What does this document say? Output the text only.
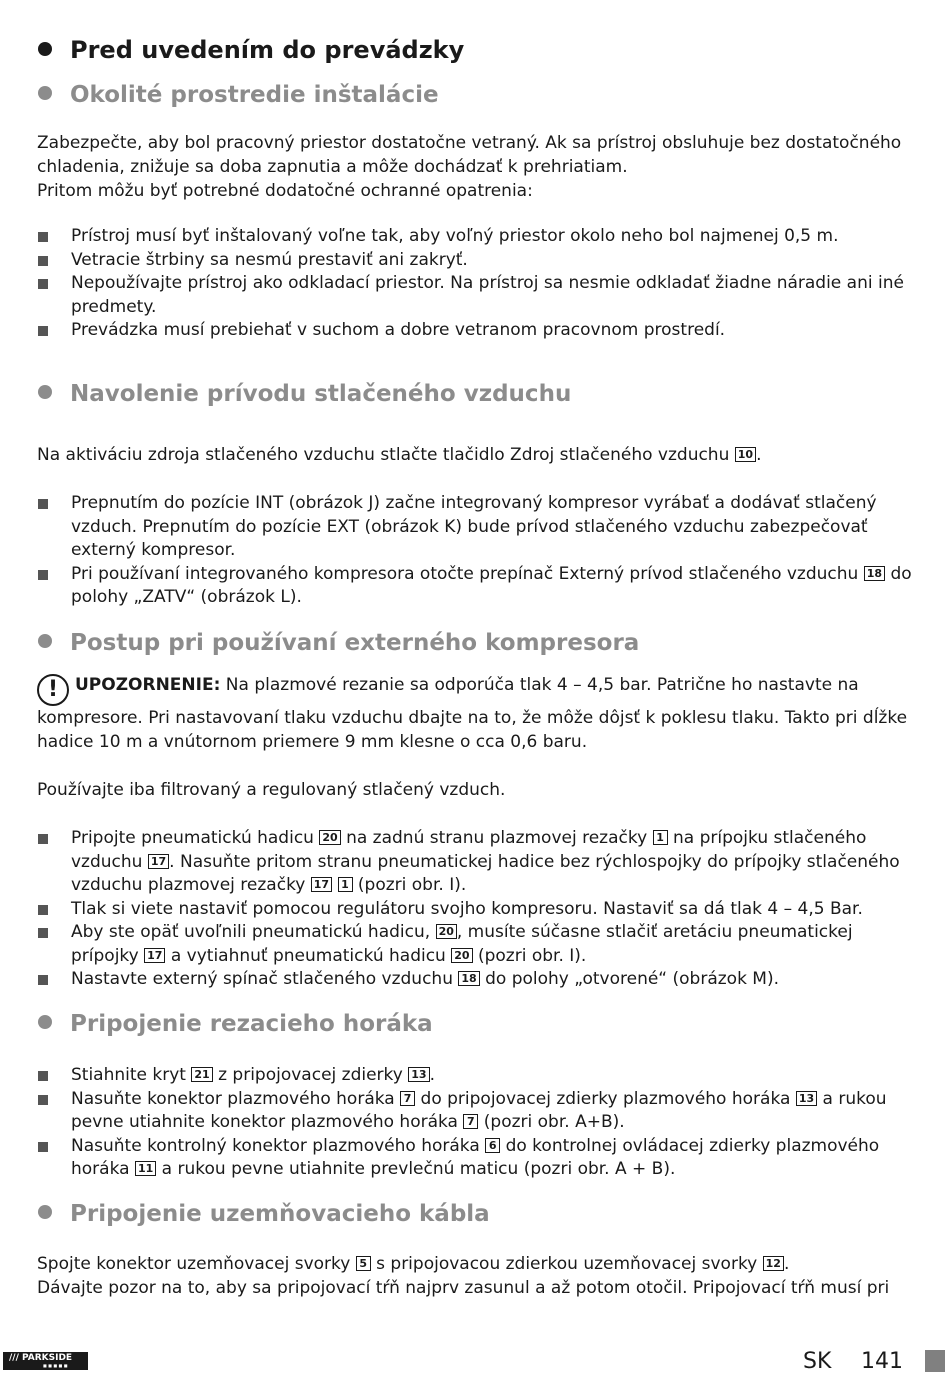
Pred uvedením do prevádzky
Okolité prostredie inštalácie

Zabezpečte, aby bol pracovný priestor dostatočne vetraný. Ak sa prístroj obsluhuje bez dostatočného chladenia, znižuje sa doba zapnutia a môže dochádzať k prehriatiam.

Pritom môžu byť potrebné dodatočné ochranné opatrenia:

Prístroj musí byť inštalovaný voľne tak, aby voľný priestor okolo neho bol najmenej 0,5 m.
Vetracie štrbiny sa nesmú prestaviť ani zakryť.
Nepoužívajte prístroj ako odkladací priestor. Na prístroj sa nesmie odkladať žiadne náradie ani iné predmety.
Prevádzka musí prebiehať v suchom a dobre vetranom pracovnom prostredí.
Navolenie prívodu stlačeného vzduchu

Na aktiváciu zdroja stlačeného vzduchu stlačte tlačidlo Zdroj stlačeného vzduchu 10 .

Prepnutím do pozície INT (obrázok J) začne integrovaný kompresor vyrábať a dodávať stlačený vzduch. Prepnutím do pozície EXT (obrázok K) bude prívod stlačeného vzduchu zabezpečovať externý kompresor.
Pri používaní integrovaného kompresora otočte prepínač Externý prívod stlačeného vzduchu 18 do polohy „ZATV“ (obrázok L).
Postup pri používaní externého kompresora

! UPOZORNENIE: Na plazmové rezanie sa odporúča tlak 4 – 4,5 bar. Patrične ho nastavte na kompresore. Pri nastavovaní tlaku vzduchu dbajte na to, že môže dôjsť k poklesu tlaku. Takto pri dĺžke hadice 10 m a vnútornom priemere 9 mm klesne o cca 0,6 baru.

Používajte iba filtrovaný a regulovaný stlačený vzduch.

Pripojte pneumatickú hadicu 20 na zadnú stranu plazmovej rezačky 1 na prípojku stlačeného vzduchu 17 . Nasuňte pritom stranu pneumatickej hadice bez rýchlospojky do prípojky stlačeného vzduchu plazmovej rezačky 17 1 (pozri obr. I).
Tlak si viete nastaviť pomocou regulátoru svojho kompresoru. Nastaviť sa dá tlak 4 – 4,5 Bar.
Aby ste opäť uvoľnili pneumatickú hadicu, 20 , musíte súčasne stlačiť aretáciu pneumatickej prípojky 17 a vytiahnuť pneumatickú hadicu 20 (pozri obr. I).
Nastavte externý spínač stlačeného vzduchu 18 do polohy „otvorené“ (obrázok M).
Pripojenie rezacieho horáka
Stiahnite kryt 21 z pripojovacej zdierky 13 .
Nasuňte konektor plazmového horáka 7 do pripojovacej zdierky plazmového horáka 13 a rukou pevne utiahnite konektor plazmového horáka 7 (pozri obr. A+B).
Nasuňte kontrolný konektor plazmového horáka 6 do kontrolnej ovládacej zdierky plazmového horáka 11 a rukou pevne utiahnite prevlečnú maticu (pozri obr. A + B).
Pripojenie uzemňovacieho kábla

Spojte konektor uzemňovacej svorky 5 s pripojovacou zdierkou uzemňovacej svorky 12 .

Dávajte pozor na to, aby sa pripojovací tŕň najprv zasunul a až potom otočil. Pripojovací tŕň musí pri

/// PARKSIDE
■ ■ ■ ■ ■	SK 141
